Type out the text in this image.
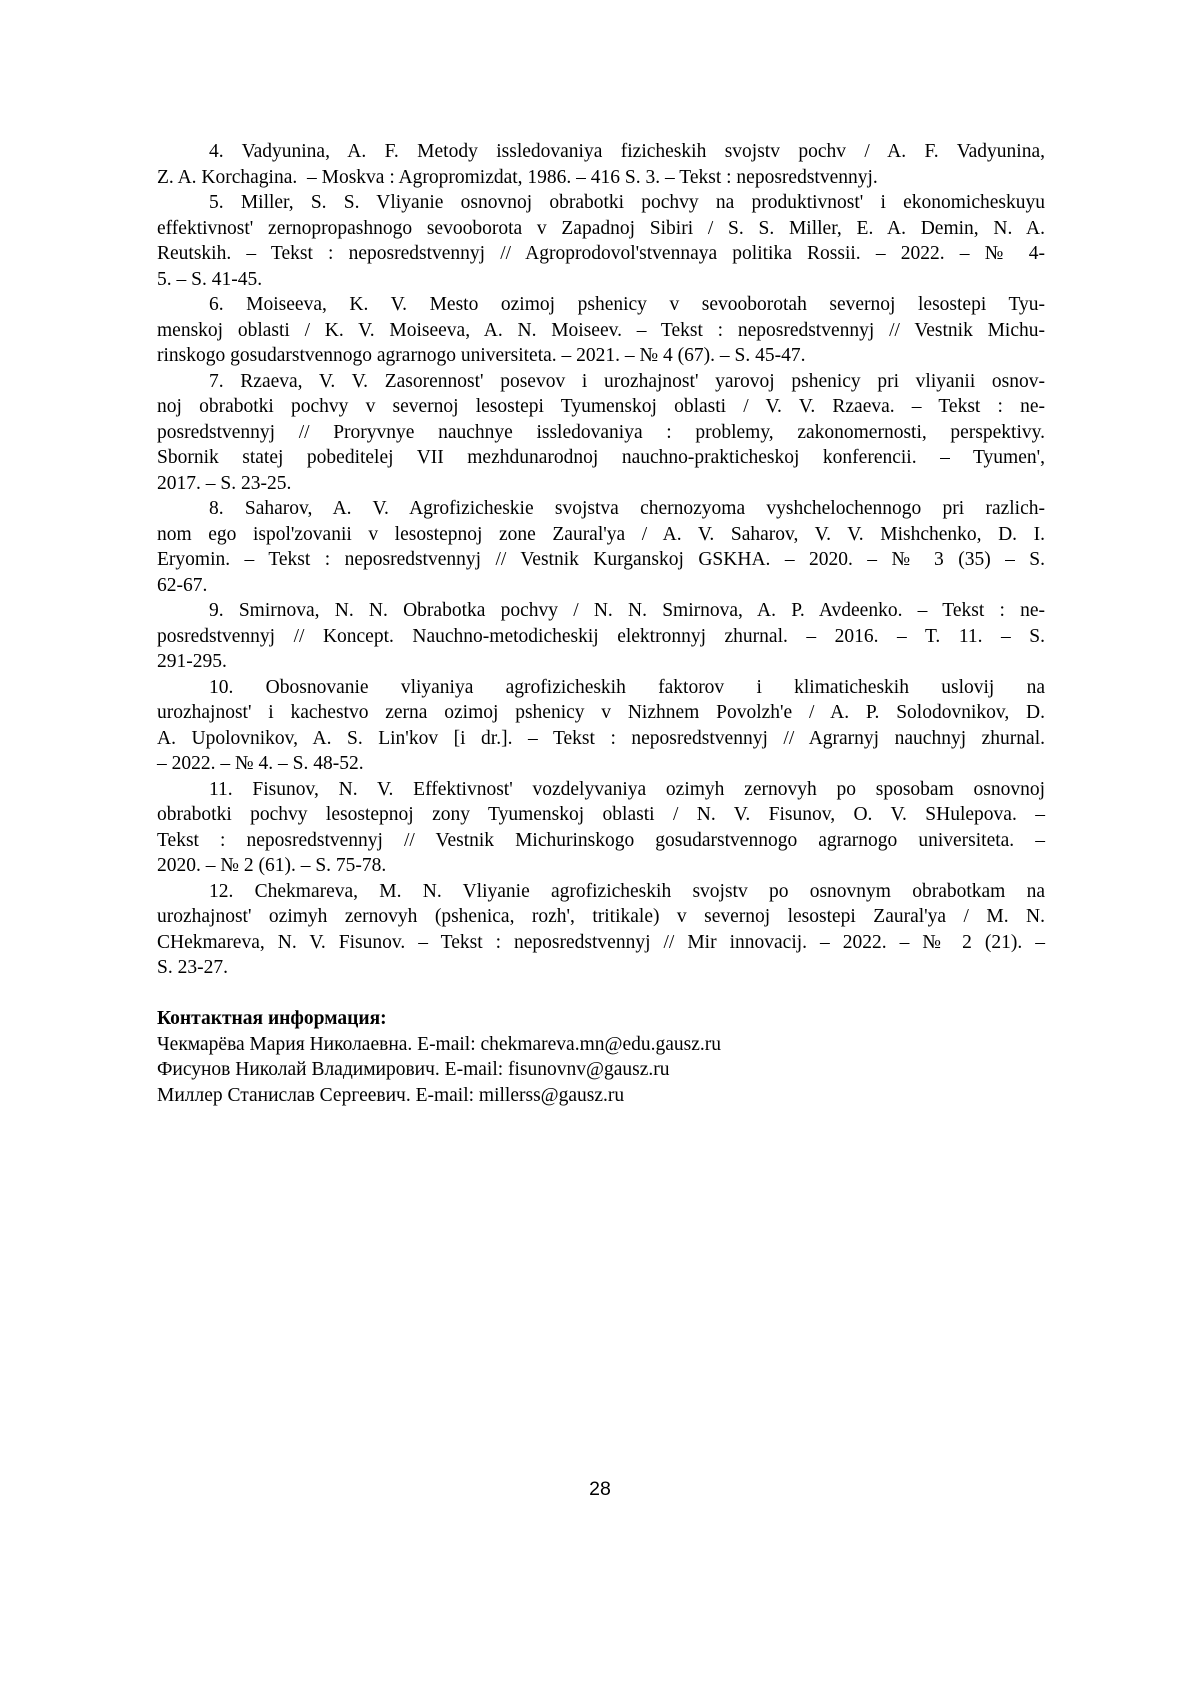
4. Vadyunina, A. F. Metody issledovaniya fizicheskih svojstv pochv / A. F. Vadyunina,
Z. A. Korchagina.  – Moskva : Agropromizdat, 1986. – 416 S. 3. – Tekst : neposredstvennyj.
5. Miller, S. S. Vliyanie osnovnoj obrabotki pochvy na produktivnost' i ekonomicheskuyu
effektivnost' zernopropashnogo sevooborota v Zapadnoj Sibiri / S. S. Miller, E. A. Demin, N. A.
Reutskih. – Tekst : neposredstvennyj // Agroprodovol'stvennaya politika Rossii. – 2022. – № 4-
5. – S. 41-45.
6. Moiseeva, K. V. Mesto ozimoj pshenicy v sevooborotah severnoj lesostepi Tyu-
menskoj oblasti / K. V. Moiseeva, A. N. Moiseev. – Tekst : neposredstvennyj // Vestnik Michu-
rinskogo gosudarstvennogo agrarnogo universiteta. – 2021. – № 4 (67). – S. 45-47.
7. Rzaeva, V. V. Zasorennost' posevov i urozhajnost' yarovoj pshenicy pri vliyanii osnov-
noj obrabotki pochvy v severnoj lesostepi Tyumenskoj oblasti / V. V. Rzaeva. – Tekst : ne-
posredstvennyj // Proryvnye nauchnye issledovaniya : problemy, zakonomernosti, perspektivy.
Sbornik statej pobeditelej VII mezhdunarodnoj nauchno-prakticheskoj konferencii. – Tyumen',
2017. – S. 23-25.
8. Saharov, A. V. Agrofizicheskie svojstva chernozyoma vyshchelochennogo pri razlich-
nom ego ispol'zovanii v lesostepnoj zone Zaural'ya / A. V. Saharov, V. V. Mishchenko, D. I.
Eryomin. – Tekst : neposredstvennyj // Vestnik Kurganskoj GSKHA. – 2020. – № 3 (35) – S.
62-67.
9. Smirnova, N. N. Obrabotka pochvy / N. N. Smirnova, A. P. Avdeenko. – Tekst : ne-
posredstvennyj // Koncept. Nauchno-metodicheskij elektronnyj zhurnal. – 2016. – T. 11. – S.
291-295.
10. Obosnovanie vliyaniya agrofizicheskih faktorov i klimaticheskih uslovij na
urozhajnost' i kachestvo zerna ozimoj pshenicy v Nizhnem Povolzh'e / A. P. Solodovnikov, D.
A. Upolovnikov, A. S. Lin'kov [i dr.]. – Tekst : neposredstvennyj // Agrarnyj nauchnyj zhurnal.
– 2022. – № 4. – S. 48-52.
11. Fisunov, N. V. Effektivnost' vozdelyvaniya ozimyh zernovyh po sposobam osnovnoj
obrabotki pochvy lesostepnoj zony Tyumenskoj oblasti / N. V. Fisunov, O. V. SHulepova. –
Tekst : neposredstvennyj // Vestnik Michurinskogo gosudarstvennogo agrarnogo universiteta. –
2020. – № 2 (61). – S. 75-78.
12. Chekmareva, M. N. Vliyanie agrofizicheskih svojstv po osnovnym obrabotkam na
urozhajnost' ozimyh zernovyh (pshenica, rozh', tritikale) v severnoj lesostepi Zaural'ya / M. N.
CHekmareva, N. V. Fisunov. – Tekst : neposredstvennyj // Mir innovacij. – 2022. – № 2 (21). –
S. 23-27.
Контактная информация:
Чекмарёва Мария Николаевна. E-mail: chekmareva.mn@edu.gausz.ru
Фисунов Николай Владимирович. E-mail: fisunovnv@gausz.ru
Миллер Станислав Сергеевич. E-mail: millerss@gausz.ru
28
